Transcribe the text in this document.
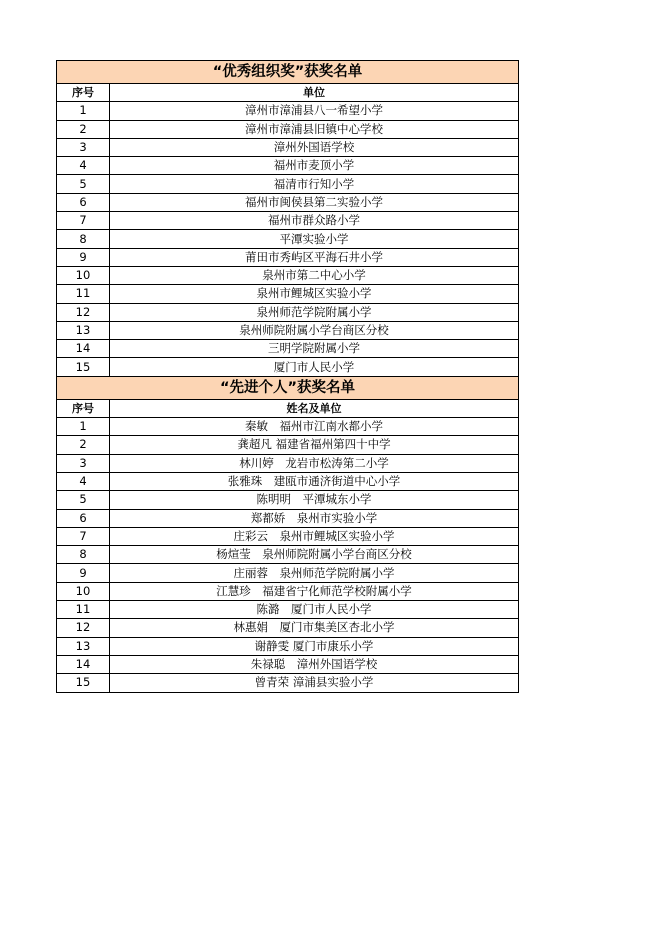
“优秀组织奖”获奖名单	
序号	单位
1	漳州市漳浦县八一希望小学
2	漳州市漳浦县旧镇中心学校
3	漳州外国语学校
4	福州市麦顶小学
5	福清市行知小学
6	福州市闽侯县第二实验小学
7	福州市群众路小学
8	平潭实验小学
9	莆田市秀屿区平海石井小学
10	泉州市第二中心小学
11	泉州市鲤城区实验小学
12	泉州师范学院附属小学
13	泉州师院附属小学台商区分校
14	三明学院附属小学
15	厦门市人民小学
“先进个人”获奖名单	
序号	姓名及单位
1	秦敏　福州市江南水都小学
2	龚超凡 福建省福州第四十中学
3	林川婷　龙岩市松涛第二小学
4	张雅珠　建瓯市通济街道中心小学
5	陈明明　平潭城东小学
6	郑都娇　泉州市实验小学
7	庄彩云　泉州市鲤城区实验小学
8	杨煊莹　泉州师院附属小学台商区分校
9	庄丽蓉　泉州师范学院附属小学
10	江慧珍　福建省宁化师范学校附属小学
11	陈潞　厦门市人民小学
12	林惠娟　厦门市集美区杏北小学
13	谢静雯 厦门市康乐小学
14	朱禄聪　漳州外国语学校
15	曾青荣 漳浦县实验小学
